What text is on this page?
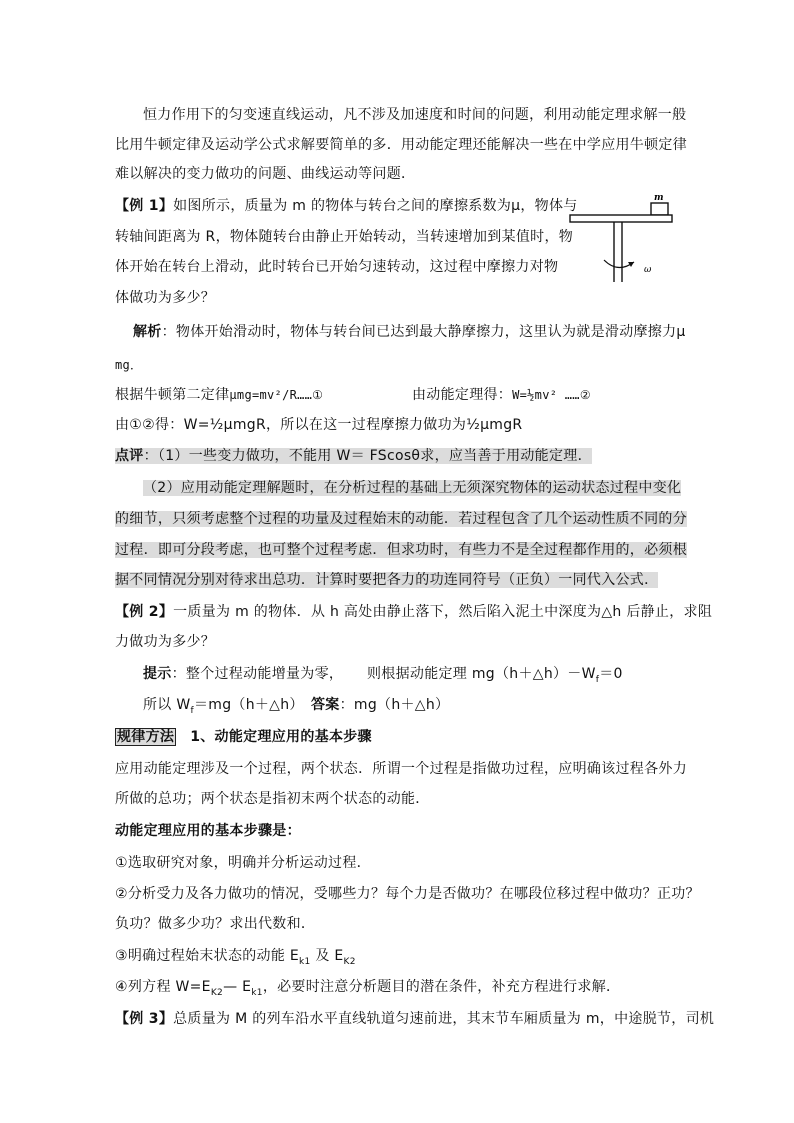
恒力作用下的匀变速直线运动，凡不涉及加速度和时间的问题，利用动能定理求解一般
比用牛顿定律及运动学公式求解要简单的多．用动能定理还能解决一些在中学应用牛顿定律
难以解决的变力做功的问题、曲线运动等问题．
【例 1】如图所示，质量为 m 的物体与转台之间的摩擦系数为μ，物体与
转轴间距离为 R，物体随转台由静止开始转动，当转速增加到某值时，物
体开始在转台上滑动，此时转台已开始匀速转动，这过程中摩擦力对物
体做功为多少？
m
ω
解析：物体开始滑动时，物体与转台间已达到最大静摩擦力，这里认为就是滑动摩擦力μ
mg．
根据牛顿第二定律μmg=mv²/R……①	由动能定理得：W=½mv² ……②
由①②得：W=½μmgR，所以在这一过程摩擦力做功为½μmgR
点评：（1）一些变力做功，不能用 W＝ FScosθ求，应当善于用动能定理．
（2）应用动能定理解题时，在分析过程的基础上无须深究物体的运动状态过程中变化
的细节，只须考虑整个过程的功量及过程始末的动能．若过程包含了几个运动性质不同的分
过程．即可分段考虑，也可整个过程考虑．但求功时，有些力不是全过程都作用的，必须根
据不同情况分别对待求出总功．计算时要把各力的功连同符号（正负）一同代入公式．
【例 2】一质量为 m 的物体．从 h 高处由静止落下，然后陷入泥土中深度为△h 后静止，求阻
力做功为多少？
提示：整个过程动能增量为零， 则根据动能定理 $mg(h+\triangle h)-W_f=0$
所以 $W_f=mg(h+\triangle h)$ 答案：mg（h＋△h）
规律方法 1、动能定理应用的基本步骤
应用动能定理涉及一个过程，两个状态．所谓一个过程是指做功过程，应明确该过程各外力
所做的总功；两个状态是指初末两个状态的动能．
动能定理应用的基本步骤是：
①选取研究对象，明确并分析运动过程．
②分析受力及各力做功的情况，受哪些力？每个力是否做功？在哪段位移过程中做功？正功？
负功？做多少功？求出代数和．
③明确过程始末状态的动能 $E_{k1}$ 及 $E_{K2}$
④列方程 $W=E_{K2}—$ $E_{k1}$，必要时注意分析题目的潜在条件，补充方程进行求解．
【例 3】总质量为 M 的列车沿水平直线轨道匀速前进，其末节车厢质量为 m，中途脱节，司机
